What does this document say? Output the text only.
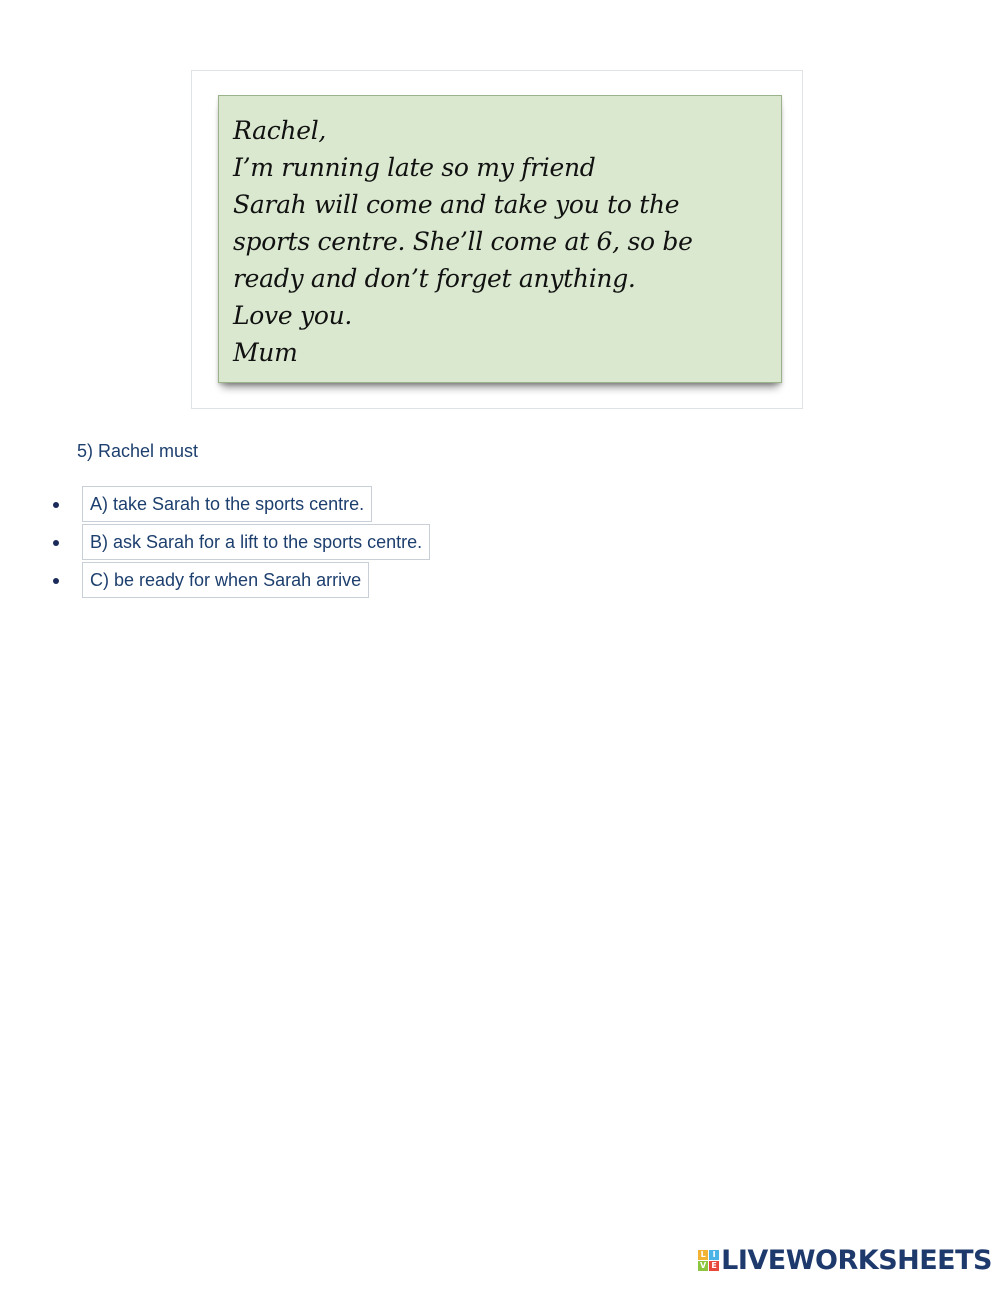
Rachel,
I’m running late so my friend
Sarah will come and take you to the
sports centre. She’ll come at 6, so be
ready and don’t forget anything.
Love you.
Mum
5) Rachel must
A) take Sarah to the sports centre.
B) ask Sarah for a lift to the sports centre.
C) be ready for when Sarah arrive
L I
V E LIVEWORKSHEETS
